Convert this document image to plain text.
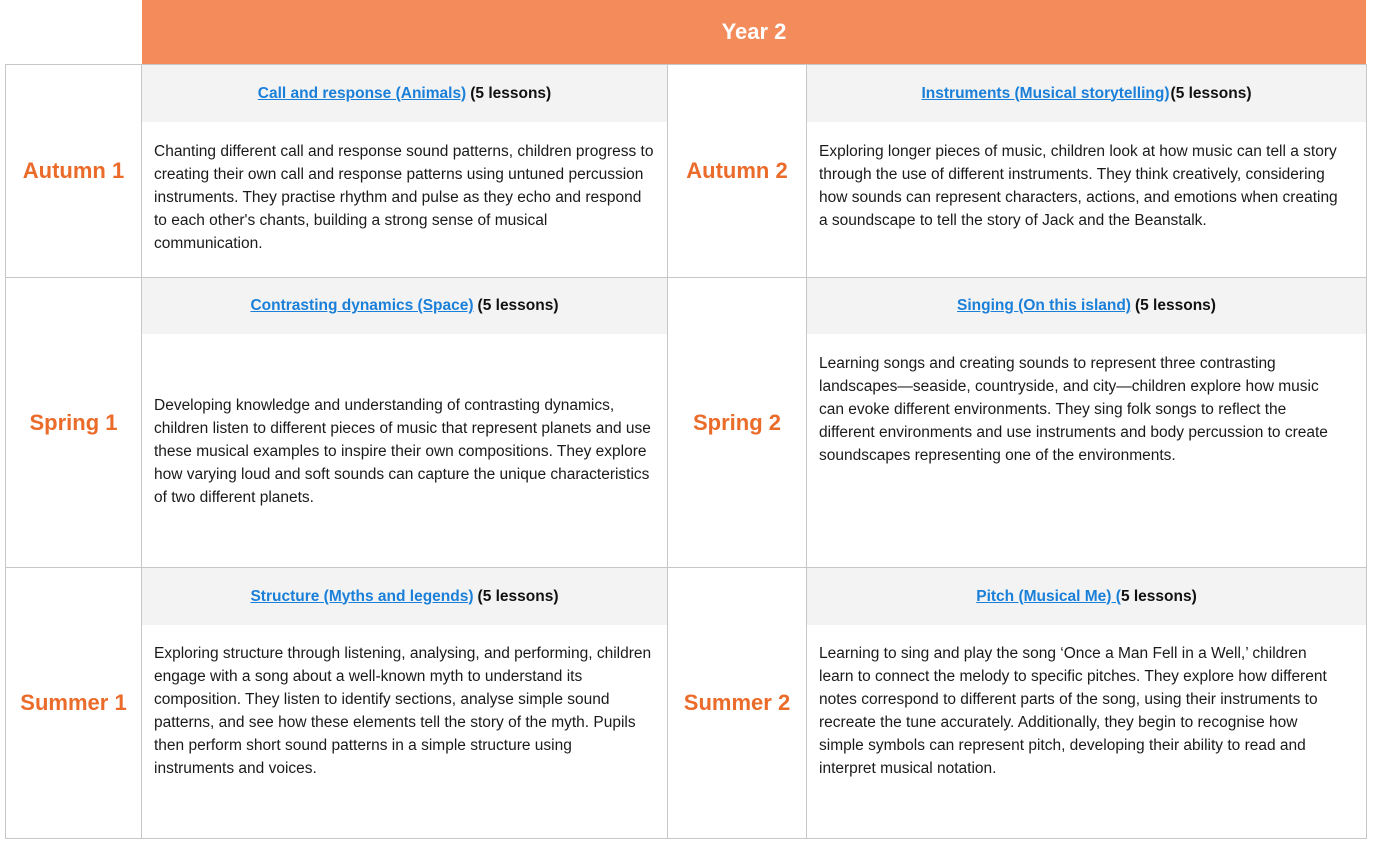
Year 2
Autumn 1
Call and response (Animals) (5 lessons)
Chanting different call and response sound patterns, children progress to creating their own call and response patterns using untuned percussion instruments. They practise rhythm and pulse as they echo and respond to each other's chants, building a strong sense of musical communication.
Autumn 2
Instruments (Musical storytelling) (5 lessons)
Exploring longer pieces of music, children look at how music can tell a story through the use of different instruments. They think creatively, considering how sounds can represent characters, actions, and emotions when creating a soundscape to tell the story of Jack and the Beanstalk.
Spring 1
Contrasting dynamics (Space) (5 lessons)
Developing knowledge and understanding of contrasting dynamics, children listen to different pieces of music that represent planets and use these musical examples to inspire their own compositions. They explore how varying loud and soft sounds can capture the unique characteristics of two different planets.
Spring 2
Singing (On this island) (5 lessons)
Learning songs and creating sounds to represent three contrasting landscapes—seaside, countryside, and city—children explore how music can evoke different environments. They sing folk songs to reflect the different environments and use instruments and body percussion to create soundscapes representing one of the environments.
Summer 1
Structure (Myths and legends) (5 lessons)
Exploring structure through listening, analysing, and performing, children engage with a song about a well-known myth to understand its composition. They listen to identify sections, analyse simple sound patterns, and see how these elements tell the story of the myth. Pupils then perform short sound patterns in a simple structure using instruments and voices.
Summer 2
Pitch (Musical Me) ( 5 lessons)
Learning to sing and play the song ‘Once a Man Fell in a Well,’ children learn to connect the melody to specific pitches. They explore how different notes correspond to different parts of the song, using their instruments to recreate the tune accurately. Additionally, they begin to recognise how simple symbols can represent pitch, developing their ability to read and interpret musical notation.
